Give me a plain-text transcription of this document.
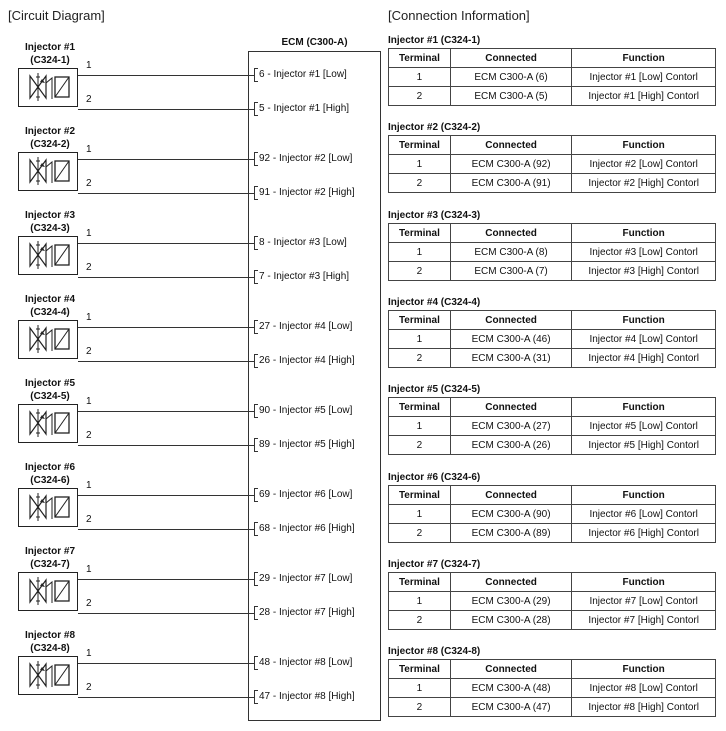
[Circuit Diagram]	[Connection Information]
ECM (C300-A)
Injector #1
(C324-1)	1
6 - Injector #1 [Low]
2
5 - Injector #1 [High]
Injector #2
(C324-2)	1
92 - Injector #2 [Low]
2
91 - Injector #2 [High]
Injector #3
(C324-3)	1
8 - Injector #3 [Low]
2
7 - Injector #3 [High]
Injector #4
(C324-4)	1
27 - Injector #4 [Low]
2
26 - Injector #4 [High]
Injector #5
(C324-5)	1
90 - Injector #5 [Low]
2
89 - Injector #5 [High]
Injector #6
(C324-6)	1
69 - Injector #6 [Low]
2
68 - Injector #6 [High]
Injector #7
(C324-7)	1
29 - Injector #7 [Low]
2
28 - Injector #7 [High]
Injector #8
(C324-8)	1
48 - Injector #8 [Low]
2
47 - Injector #8 [High]
Injector #1 (C324-1)
Terminal	Connected	Function
1	ECM C300-A (6)	Injector #1 [Low] Contorl
2	ECM C300-A (5)	Injector #1 [High] Contorl
Injector #2 (C324-2)
Terminal	Connected	Function
1	ECM C300-A (92)	Injector #2 [Low] Contorl
2	ECM C300-A (91)	Injector #2 [High] Contorl
Injector #3 (C324-3)
Terminal	Connected	Function
1	ECM C300-A (8)	Injector #3 [Low] Contorl
2	ECM C300-A (7)	Injector #3 [High] Contorl
Injector #4 (C324-4)
Terminal	Connected	Function
1	ECM C300-A (46)	Injector #4 [Low] Contorl
2	ECM C300-A (31)	Injector #4 [High] Contorl
Injector #5 (C324-5)
Terminal	Connected	Function
1	ECM C300-A (27)	Injector #5 [Low] Contorl
2	ECM C300-A (26)	Injector #5 [High] Contorl
Injector #6 (C324-6)
Terminal	Connected	Function
1	ECM C300-A (90)	Injector #6 [Low] Contorl
2	ECM C300-A (89)	Injector #6 [High] Contorl
Injector #7 (C324-7)
Terminal	Connected	Function
1	ECM C300-A (29)	Injector #7 [Low] Contorl
2	ECM C300-A (28)	Injector #7 [High] Contorl
Injector #8 (C324-8)
Terminal	Connected	Function
1	ECM C300-A (48)	Injector #8 [Low] Contorl
2	ECM C300-A (47)	Injector #8 [High] Contorl
